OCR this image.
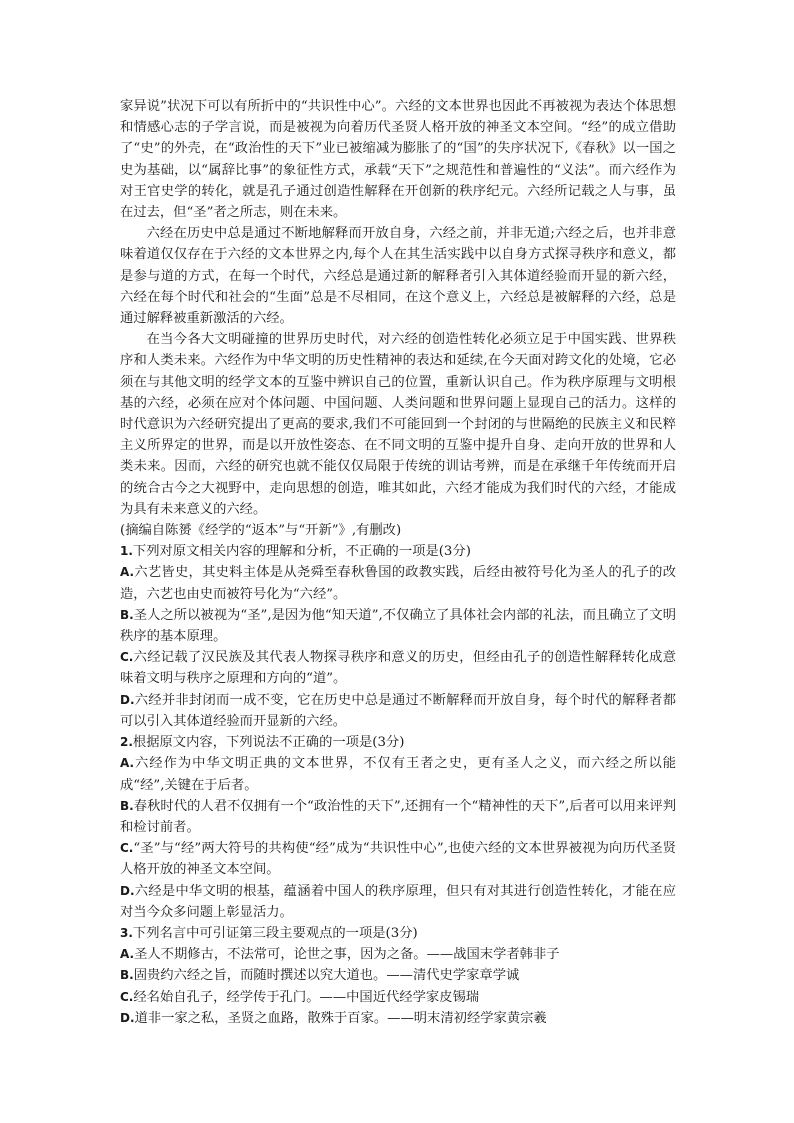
家异说”状况下可以有所折中的“共识性中心”。六经的文本世界也因此不再被视为表达个体思想和情感心志的子学言说，而是被视为向着历代圣贤人格开放的神圣文本空间。“经”的成立借助了“史”的外壳，在“政治性的天下”业已被缩减为膨胀了的“国”的失序状况下,《春秋》以一国之史为基础，以“属辞比事”的象征性方式，承载“天下”之规范性和普遍性的“义法”。而六经作为对王官史学的转化，就是孔子通过创造性解释在开创新的秩序纪元。六经所记载之人与事，虽在过去，但“圣”者之所志，则在未来。

六经在历史中总是通过不断地解释而开放自身，六经之前，并非无道;六经之后，也并非意味着道仅仅存在于六经的文本世界之内,每个人在其生活实践中以自身方式探寻秩序和意义，都是参与道的方式，在每一个时代，六经总是通过新的解释者引入其体道经验而开显的新六经，六经在每个时代和社会的“生面”总是不尽相同，在这个意义上，六经总是被解释的六经，总是通过解释被重新激活的六经。

在当今各大文明碰撞的世界历史时代，对六经的创造性转化必须立足于中国实践、世界秩序和人类未来。六经作为中华文明的历史性精神的表达和延续,在今天面对跨文化的处境，它必须在与其他文明的经学文本的互鉴中辨识自己的位置，重新认识自己。作为秩序原理与文明根基的六经，必须在应对个体问题、中国问题、人类问题和世界问题上显现自己的活力。这样的时代意识为六经研究提出了更高的要求,我们不可能回到一个封闭的与世隔绝的民族主义和民粹主义所界定的世界，而是以开放性姿态、在不同文明的互鉴中提升自身、走向开放的世界和人类未来。因而，六经的研究也就不能仅仅局限于传统的训诂考辨，而是在承继千年传统而开启的统合古今之大视野中，走向思想的创造，唯其如此，六经才能成为我们时代的六经，才能成为具有未来意义的六经。

(摘编自陈赟《经学的“返本”与“开新”》,有删改)

1.下列对原文相关内容的理解和分析，不正确的一项是(3分)

A.六艺皆史，其史料主体是从尧舜至春秋鲁国的政教实践，后经由被符号化为圣人的孔子的改造，六艺也由史而被符号化为“六经”。

B.圣人之所以被视为“圣”,是因为他“知天道”,不仅确立了具体社会内部的礼法，而且确立了文明秩序的基本原理。

C.六经记载了汉民族及其代表人物探寻秩序和意义的历史，但经由孔子的创造性解释转化成意味着文明与秩序之原理和方向的“道”。

D.六经并非封闭而一成不变，它在历史中总是通过不断解释而开放自身，每个时代的解释者都可以引入其体道经验而开显新的六经。

2.根据原文内容，下列说法不正确的一项是(3分)

A.六经作为中华文明正典的文本世界，不仅有王者之史，更有圣人之义，而六经之所以能成“经”,关键在于后者。

B.春秋时代的人君不仅拥有一个“政治性的天下”,还拥有一个“精神性的天下”,后者可以用来评判和检讨前者。

C.“圣”与“经”两大符号的共构使“经”成为“共识性中心”,也使六经的文本世界被视为向历代圣贤人格开放的神圣文本空间。

D.六经是中华文明的根基，蕴涵着中国人的秩序原理，但只有对其进行创造性转化，才能在应对当今众多问题上彰显活力。

3.下列名言中可引证第三段主要观点的一项是(3分)

A.圣人不期修古，不法常可，论世之事，因为之备。——战国末学者韩非子

B.固贵约六经之旨，而随时撰述以究大道也。——清代史学家章学诚

C.经名始自孔子，经学传于孔门。——中国近代经学家皮锡瑞

D.道非一家之私，圣贤之血路，散殊于百家。——明末清初经学家黄宗羲
